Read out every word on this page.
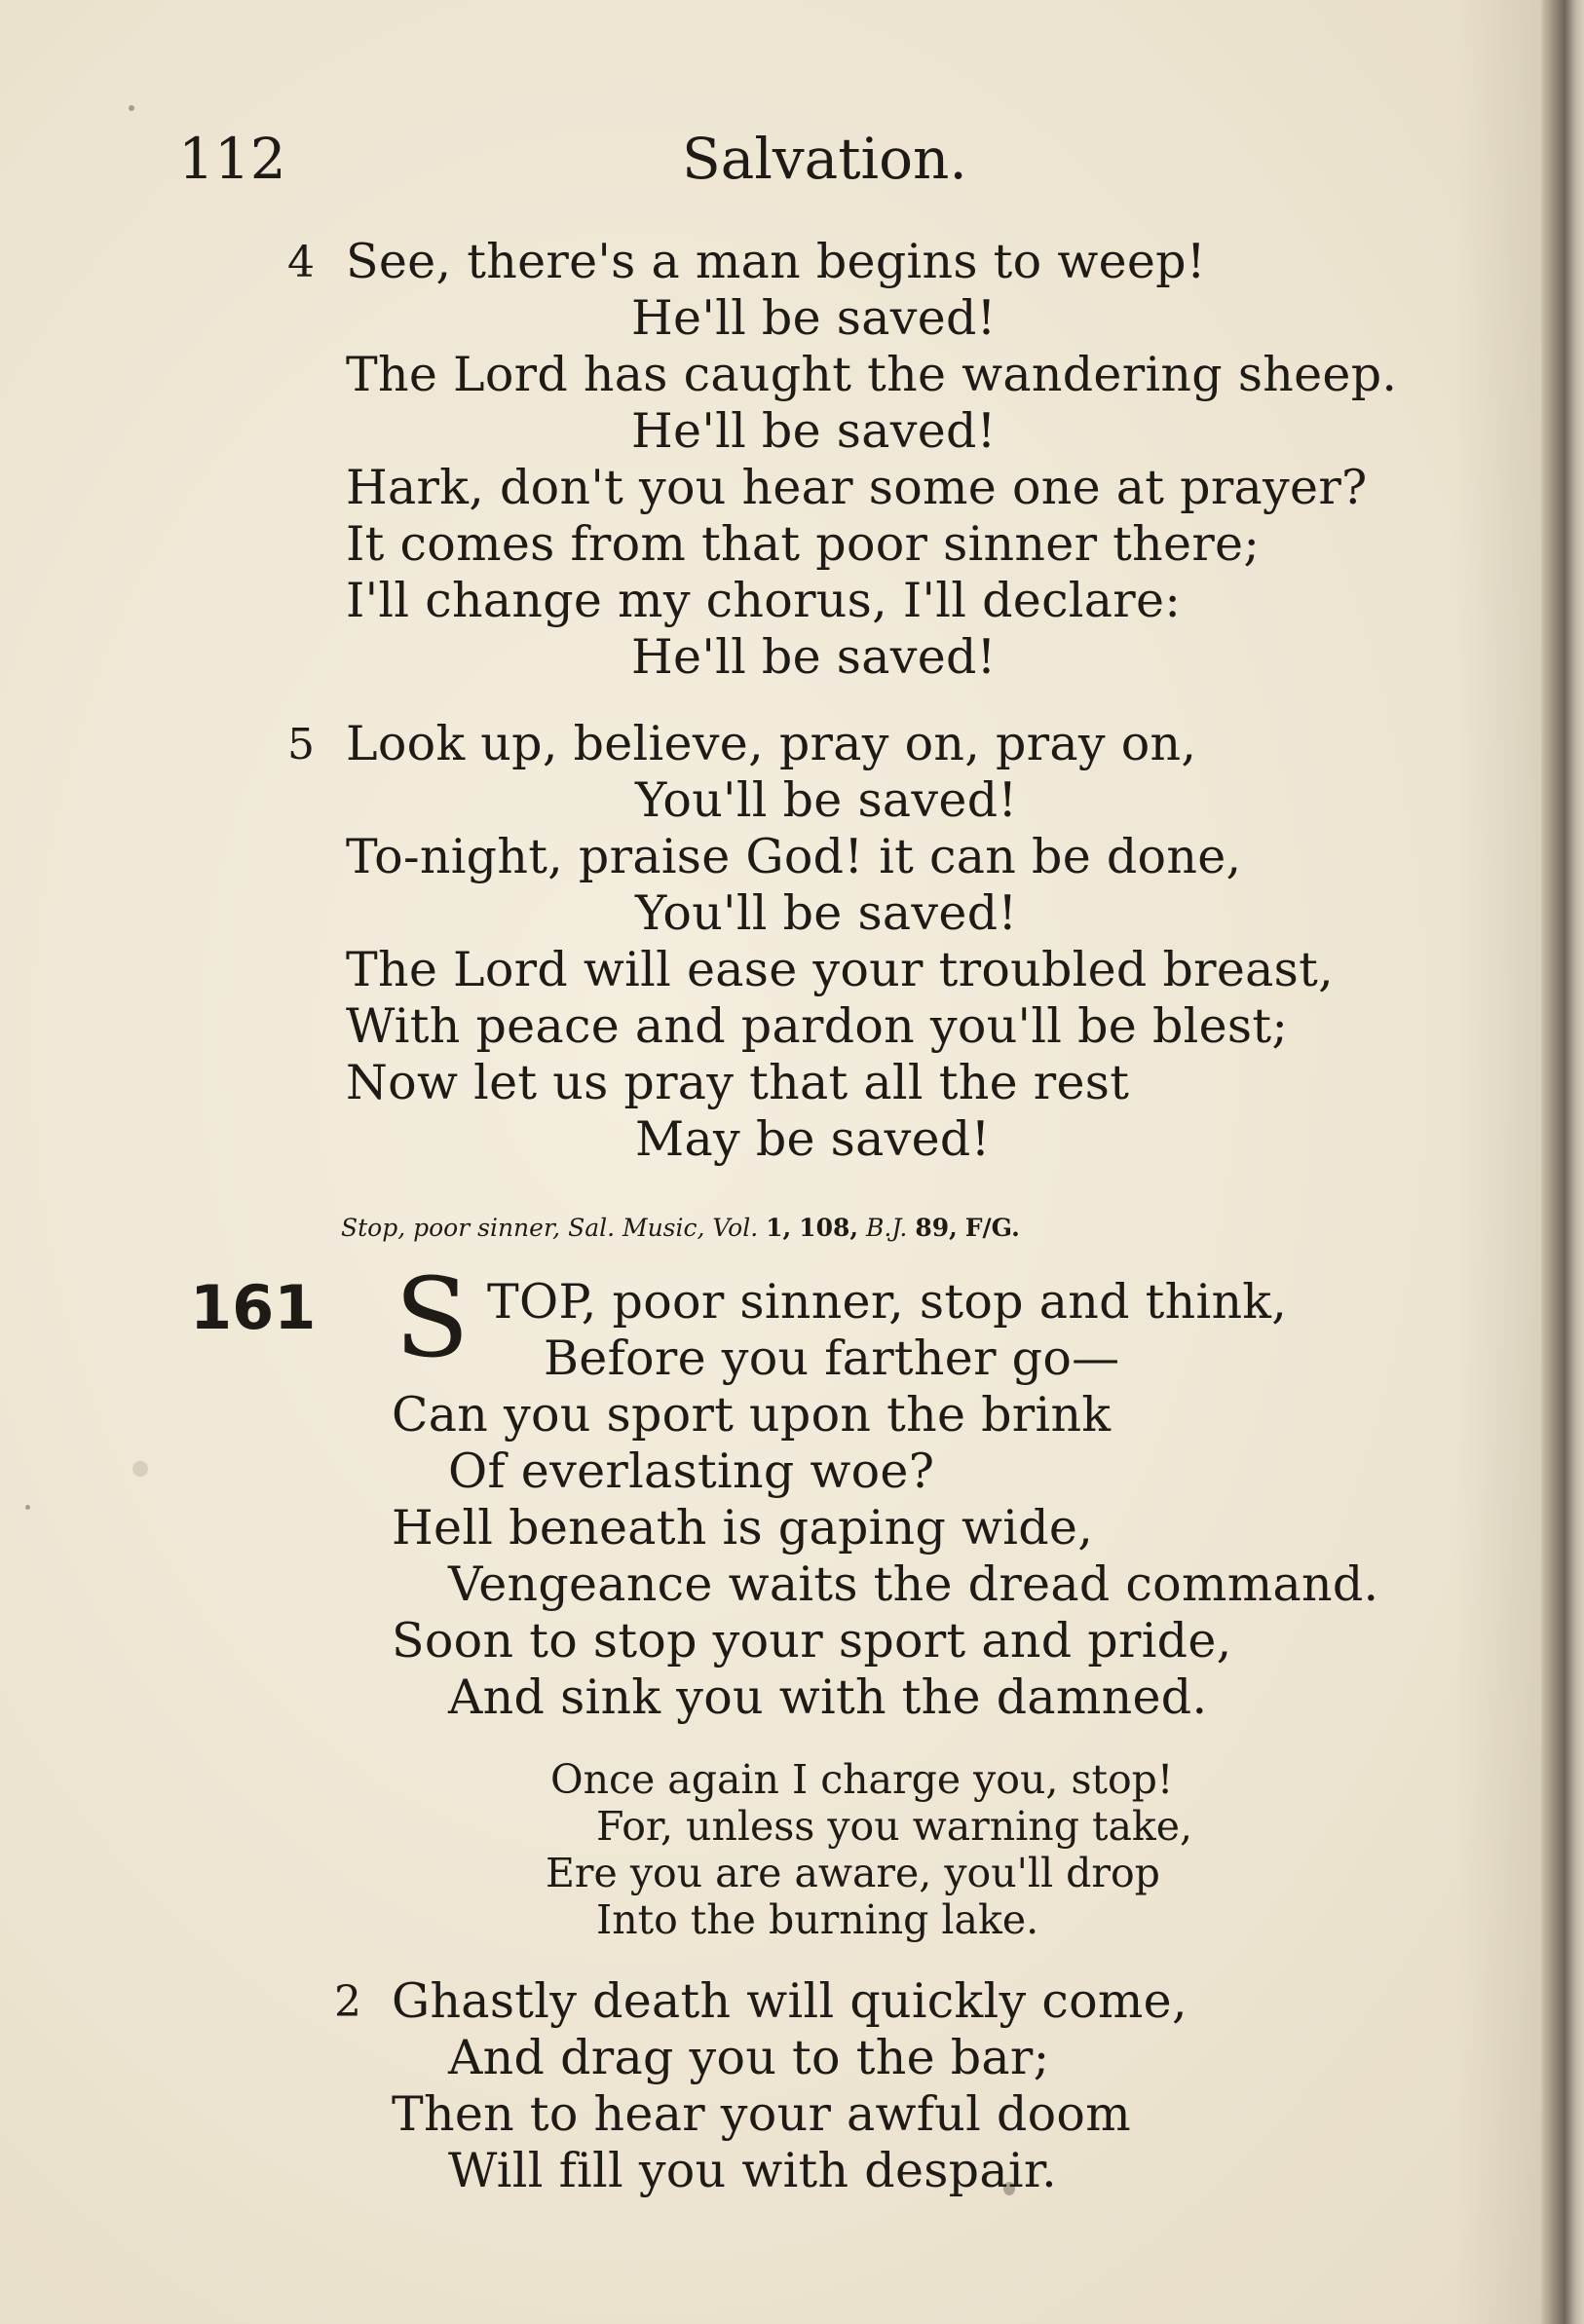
112	Salvation.
4 See, there's a man begins to weep!
He'll be saved!
The Lord has caught the wandering sheep.
He'll be saved!
Hark, don't you hear some one at prayer?
It comes from that poor sinner there;
I'll change my chorus, I'll declare:
He'll be saved!
5 Look up, believe, pray on, pray on,
You'll be saved!
To-night, praise God! it can be done,
You'll be saved!
The Lord will ease your troubled breast,
With peace and pardon you'll be blest;
Now let us pray that all the rest
May be saved!
Stop, poor sinner, Sal. Music, Vol. 1, 108, B.J. 89, F/G.
161 S TOP, poor sinner, stop and think,
Before you farther go—
Can you sport upon the brink
Of everlasting woe?
Hell beneath is gaping wide,
Vengeance waits the dread command.
Soon to stop your sport and pride,
And sink you with the damned.
Once again I charge you, stop!
For, unless you warning take,
Ere you are aware, you'll drop
Into the burning lake.
2 Ghastly death will quickly come,
And drag you to the bar;
Then to hear your awful doom
Will fill you with despair.
